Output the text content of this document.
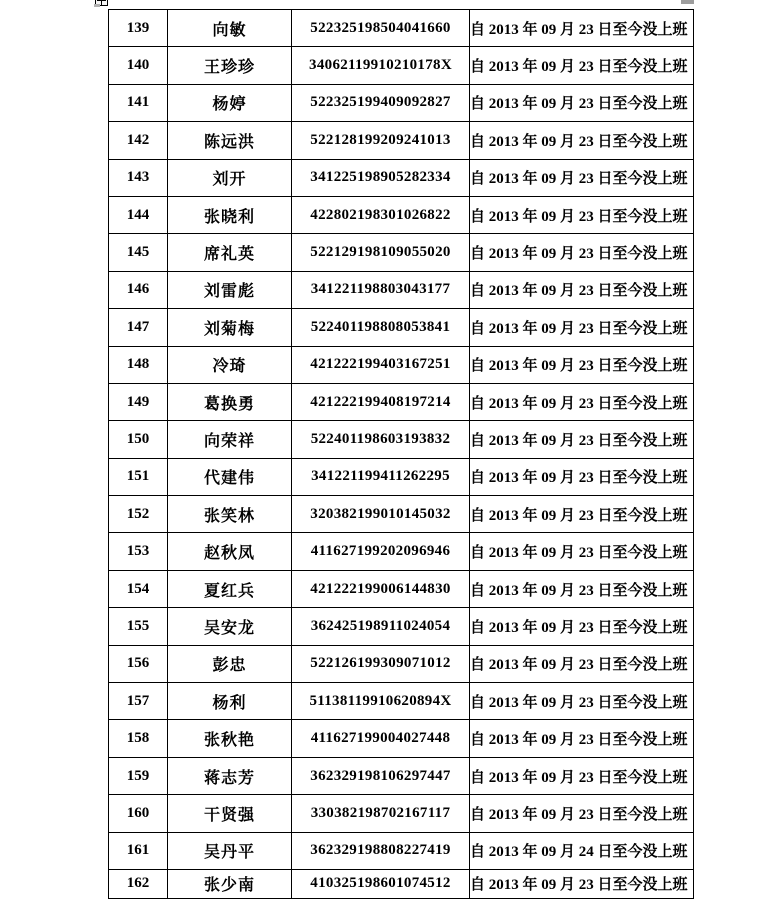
139	向敏	522325198504041660	自 2013 年 09 月 23 日至今没上班
140	王珍珍	34062119910210178X	自 2013 年 09 月 23 日至今没上班
141	杨婷	522325199409092827	自 2013 年 09 月 23 日至今没上班
142	陈远洪	522128199209241013	自 2013 年 09 月 23 日至今没上班
143	刘开	341225198905282334	自 2013 年 09 月 23 日至今没上班
144	张晓利	422802198301026822	自 2013 年 09 月 23 日至今没上班
145	席礼英	522129198109055020	自 2013 年 09 月 23 日至今没上班
146	刘雷彪	341221198803043177	自 2013 年 09 月 23 日至今没上班
147	刘菊梅	522401198808053841	自 2013 年 09 月 23 日至今没上班
148	冷琦	421222199403167251	自 2013 年 09 月 23 日至今没上班
149	葛换勇	421222199408197214	自 2013 年 09 月 23 日至今没上班
150	向荣祥	522401198603193832	自 2013 年 09 月 23 日至今没上班
151	代建伟	341221199411262295	自 2013 年 09 月 23 日至今没上班
152	张笑林	320382199010145032	自 2013 年 09 月 23 日至今没上班
153	赵秋凤	411627199202096946	自 2013 年 09 月 23 日至今没上班
154	夏红兵	421222199006144830	自 2013 年 09 月 23 日至今没上班
155	吴安龙	362425198911024054	自 2013 年 09 月 23 日至今没上班
156	彭忠	522126199309071012	自 2013 年 09 月 23 日至今没上班
157	杨利	51138119910620894X	自 2013 年 09 月 23 日至今没上班
158	张秋艳	411627199004027448	自 2013 年 09 月 23 日至今没上班
159	蒋志芳	362329198106297447	自 2013 年 09 月 23 日至今没上班
160	干贤强	330382198702167117	自 2013 年 09 月 23 日至今没上班
161	吴丹平	362329198808227419	自 2013 年 09 月 24 日至今没上班
162	张少南	410325198601074512	自 2013 年 09 月 23 日至今没上班
